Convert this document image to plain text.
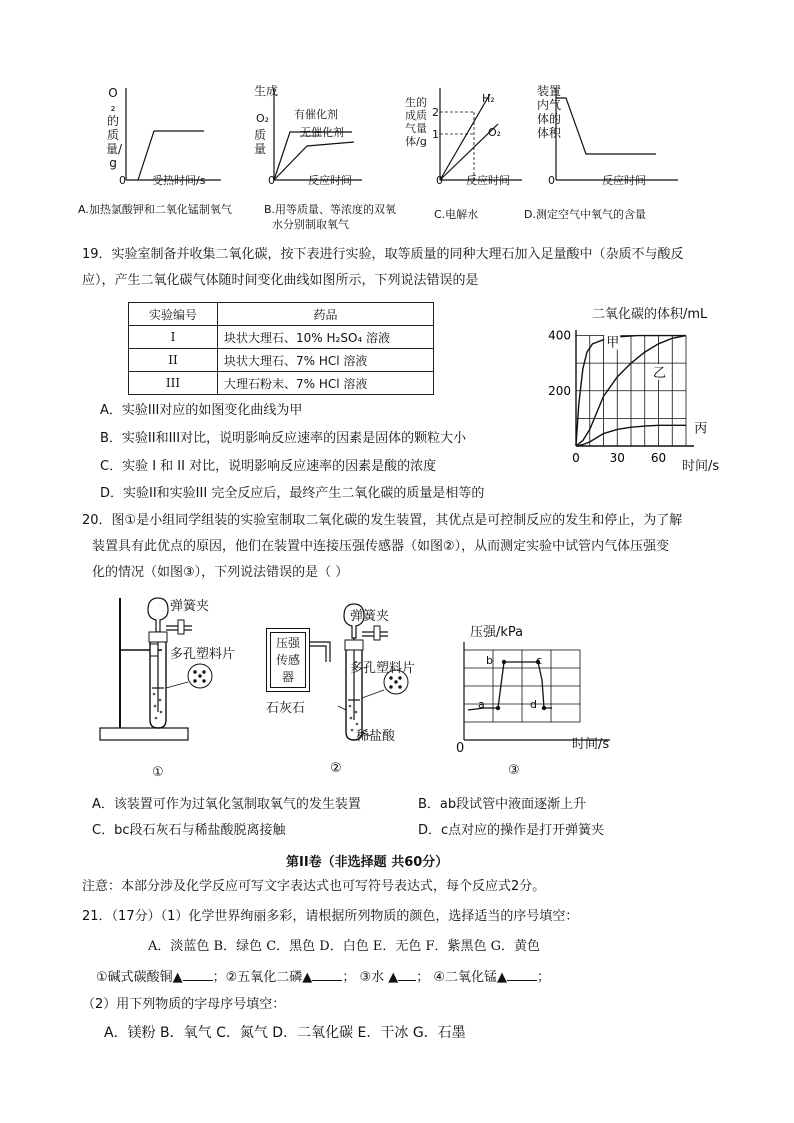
O₂的质量/g
0 受热时间/s
A.加热氯酸钾和二氧化锰制氧气
生成
O₂
质量
有催化剂
无催化剂
0	反应时间
B.用等质量、等浓度的双氧
水分别制取氧气
生的成质气量体/g
2
1
H₂
O₂
0 反应时间
C.电解水
装置内气体的体积
0	反应时间
D.测定空气中氧气的含量
19．实验室制备并收集二氧化碳，按下表进行实验，取等质量的同种大理石加入足量酸中（杂质不与酸反
应），产生二氧化碳气体随时间变化曲线如图所示，下列说法错误的是
实验编号	药品
I	块状大理石、10% H₂SO₄ 溶液
II	块状大理石、7% HCl 溶液
III	大理石粉末、7% HCl 溶液
A．实验III对应的如图变化曲线为甲
B．实验II和III对比，说明影响反应速率的因素是固体的颗粒大小
C．实验 I 和 II 对比，说明影响反应速率的因素是酸的浓度
D．实验II和实验III 完全反应后，最终产生二氧化碳的质量是相等的
二氧化碳的体积/mL
200
400
0 30 60
甲
乙
丙
时间/s
20．图①是小组同学组装的实验室制取二氧化碳的发生装置，其优点是可控制反应的发生和停止，为了解
装置具有此优点的原因，他们在装置中连接压强传感器（如图②），从而测定实验中试管内气体压强变
化的情况（如图③），下列说法错误的是（ ）
弹簧夹
多孔塑料片
①
压强传感器
弹簧夹
多孔塑料片
石灰石
稀盐酸
②
压强/kPa
a
b	c
d
0	时间/s
③
A．该装置可作为过氧化氢制取氧气的发生装置	B．ab段试管中液面逐渐上升
C．bc段石灰石与稀盐酸脱离接触	D．c点对应的操作是打开弹簧夹
第II卷（非选择题 共60分）
注意：本部分涉及化学反应可写文字表达式也可写符号表达式，每个反应式2分。
21．（17分）（1）化学世界绚丽多彩，请根据所列物质的颜色，选择适当的序号填空：
A．淡蓝色 B．绿色 C．黑色 D．白色 E．无色 F．紫黑色 G．黄色
①碱式碳酸铜▲ ；②五氧化二磷▲ ； ③水 ▲ ； ④二氧化锰▲ ；
（2）用下列物质的字母序号填空：
A．镁粉 B．氧气 C．氮气 D．二氧化碳 E．干冰 G．石墨
